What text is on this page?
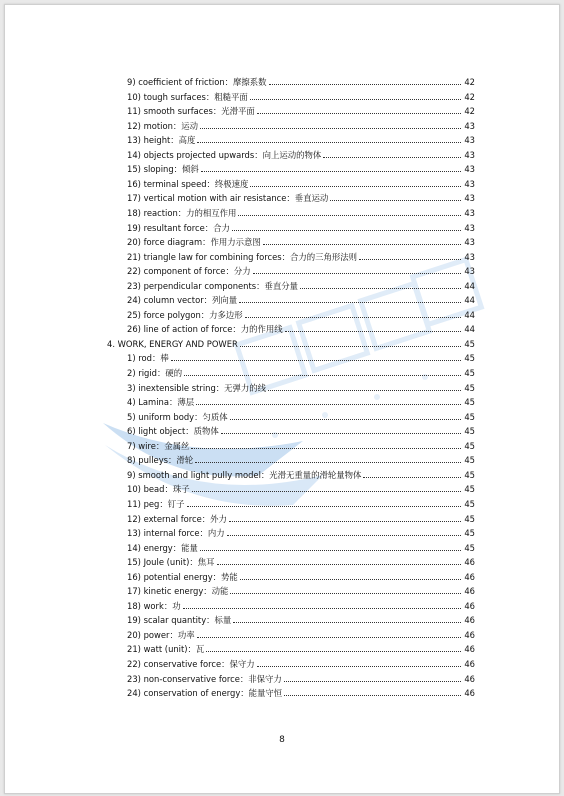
9) coefficient of friction：摩擦系数	42
10) tough surfaces：粗糙平面	42
11) smooth surfaces：光滑平面	42
12) motion：运动	43
13) height：高度	43
14) objects projected upwards：向上运动的物体	43
15) sloping：倾斜	43
16) terminal speed：终极速度	43
17) vertical motion with air resistance：垂直运动	43
18) reaction：力的相互作用	43
19) resultant force：合力	43
20) force diagram：作用力示意图	43
21) triangle law for combining forces：合力的三角形法则	43
22) component of force：分力	43
23) perpendicular components：垂直分量	44
24) column vector：列向量	44
25) force polygon：力多边形	44
26) line of action of force：力的作用线	44
4. WORK, ENERGY AND POWER	45
1) rod：棒	45
2) rigid：硬的	45
3) inextensible string：无弹力的线	45
4) Lamina：薄层	45
5) uniform body：匀质体	45
6) light object：质物体	45
7) wire：金属丝	45
8) pulleys：滑轮	45
9) smooth and light pully model：光滑无重量的滑轮量物体	45
10) bead：珠子	45
11) peg：钉子	45
12) external force：外力	45
13) internal force：内力	45
14) energy：能量	45
15) Joule (unit)：焦耳	46
16) potential energy：势能	46
17) kinetic energy：动能	46
18) work：功	46
19) scalar quantity：标量	46
20) power：功率	46
21) watt (unit)：瓦	46
22) conservative force：保守力	46
23) non-conservative force：非保守力	46
24) conservation of energy：能量守恒	46
8
